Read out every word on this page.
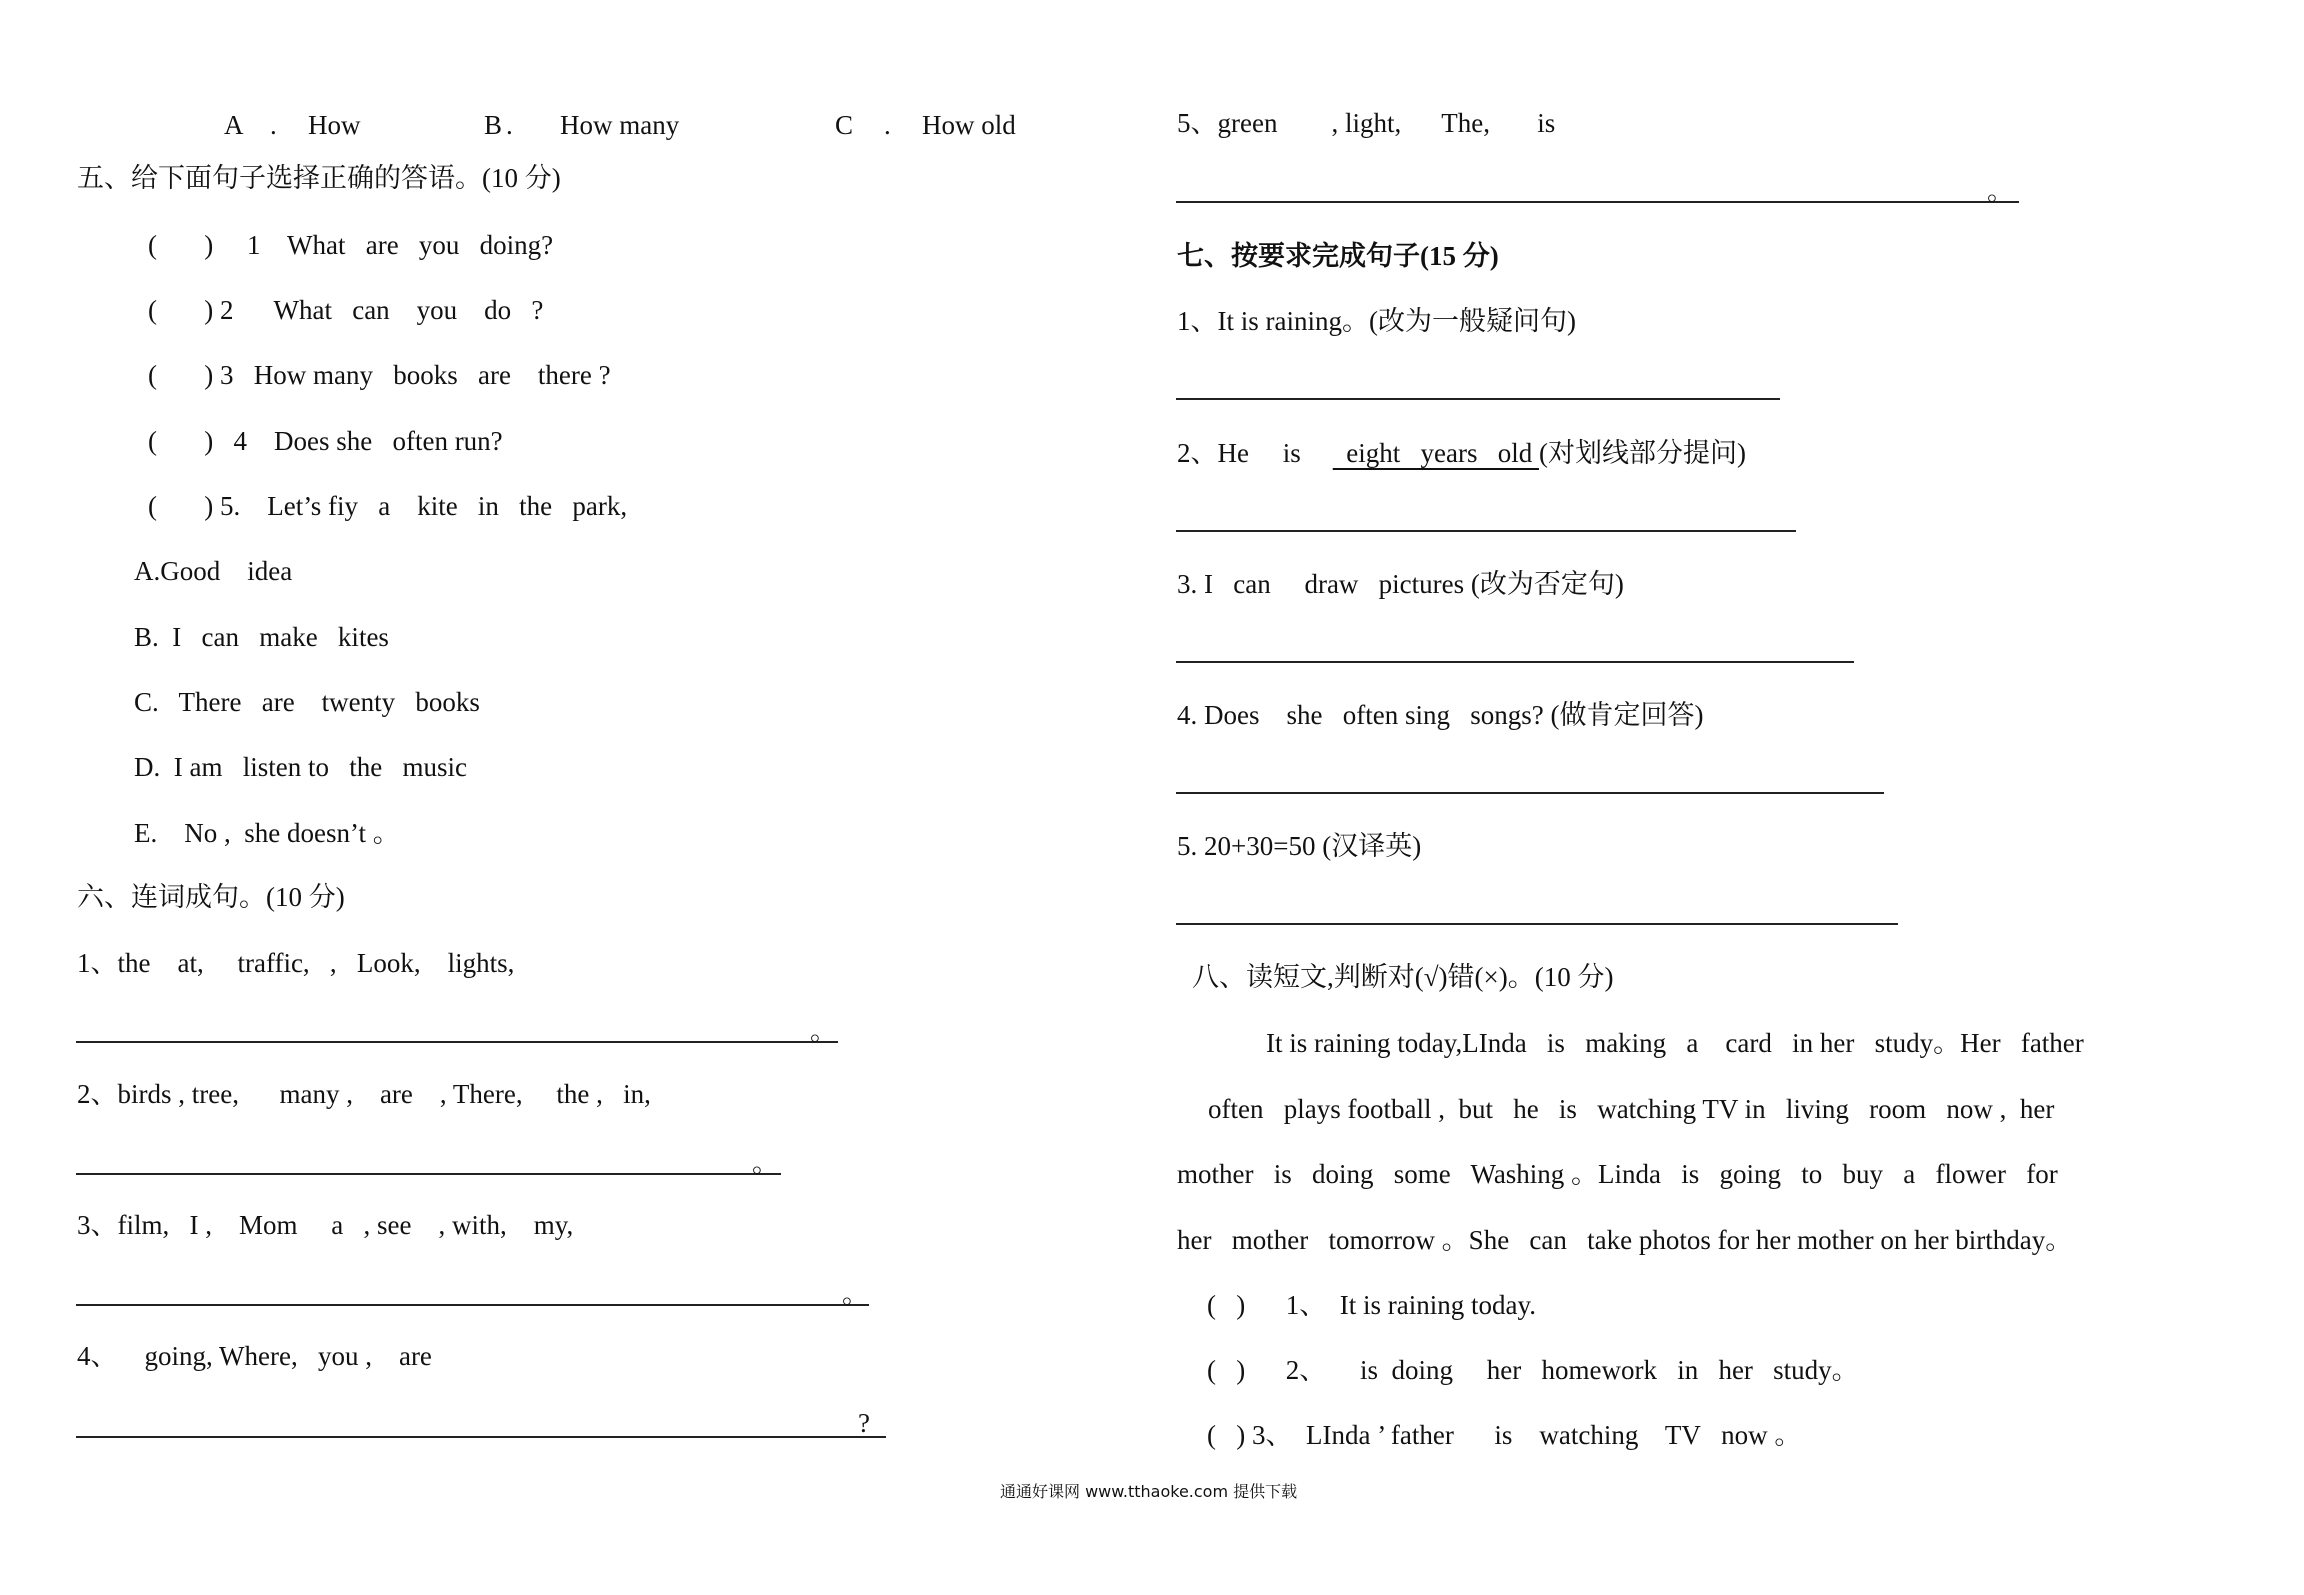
A . How	B . How many	C . How old
五、给下面句子选择正确的答语。(10 分)
(       )     1    What   are   you   doing?
(       ) 2      What   can    you    do   ?
(       ) 3   How many   books   are    there ?
(       )   4    Does she   often run?
(       ) 5.    Let’s fiy   a    kite   in   the   park,
A.Good    idea
B.  I   can   make   kites
C.   There   are    twenty   books
D.  I am   listen to   the   music
E.    No ,  she doesn’t 。
六、连词成句。(10 分)
1、the    at,     traffic,   ,   Look,    lights,
。
2、birds , tree,      many ,    are    , There,     the ,   in,
。
3、film,   I ,    Mom     a   , see    , with,    my,
。
4、    going, Where,   you ,    are
?
5、green        , light,      The,       is
。
七、按要求完成句子(15 分)
1、It is raining。(改为一般疑问句)
2、He     is  eight   years   old (对划线部分提问)
3. I   can     draw   pictures (改为否定句)
4. Does    she   often sing   songs? (做肯定回答)
5. 20+30=50 (汉译英)
八、读短文,判断对(√)错(×)。(10 分)
It is raining today,LInda   is   making   a    card   in her   study。Her   father
often   plays football ,  but   he   is   watching TV in   living   room   now ,  her
mother   is   doing   some   Washing 。Linda   is   going   to   buy   a   flower   for
her   mother   tomorrow 。She   can   take photos for her mother on her birthday。
(   )      1、  It is raining today.
(   )      2、     is  doing     her   homework   in   her   study。
(   ) 3、  LInda ’ father      is    watching    TV   now 。
通通好课网 www.tthaoke.com 提供下载
